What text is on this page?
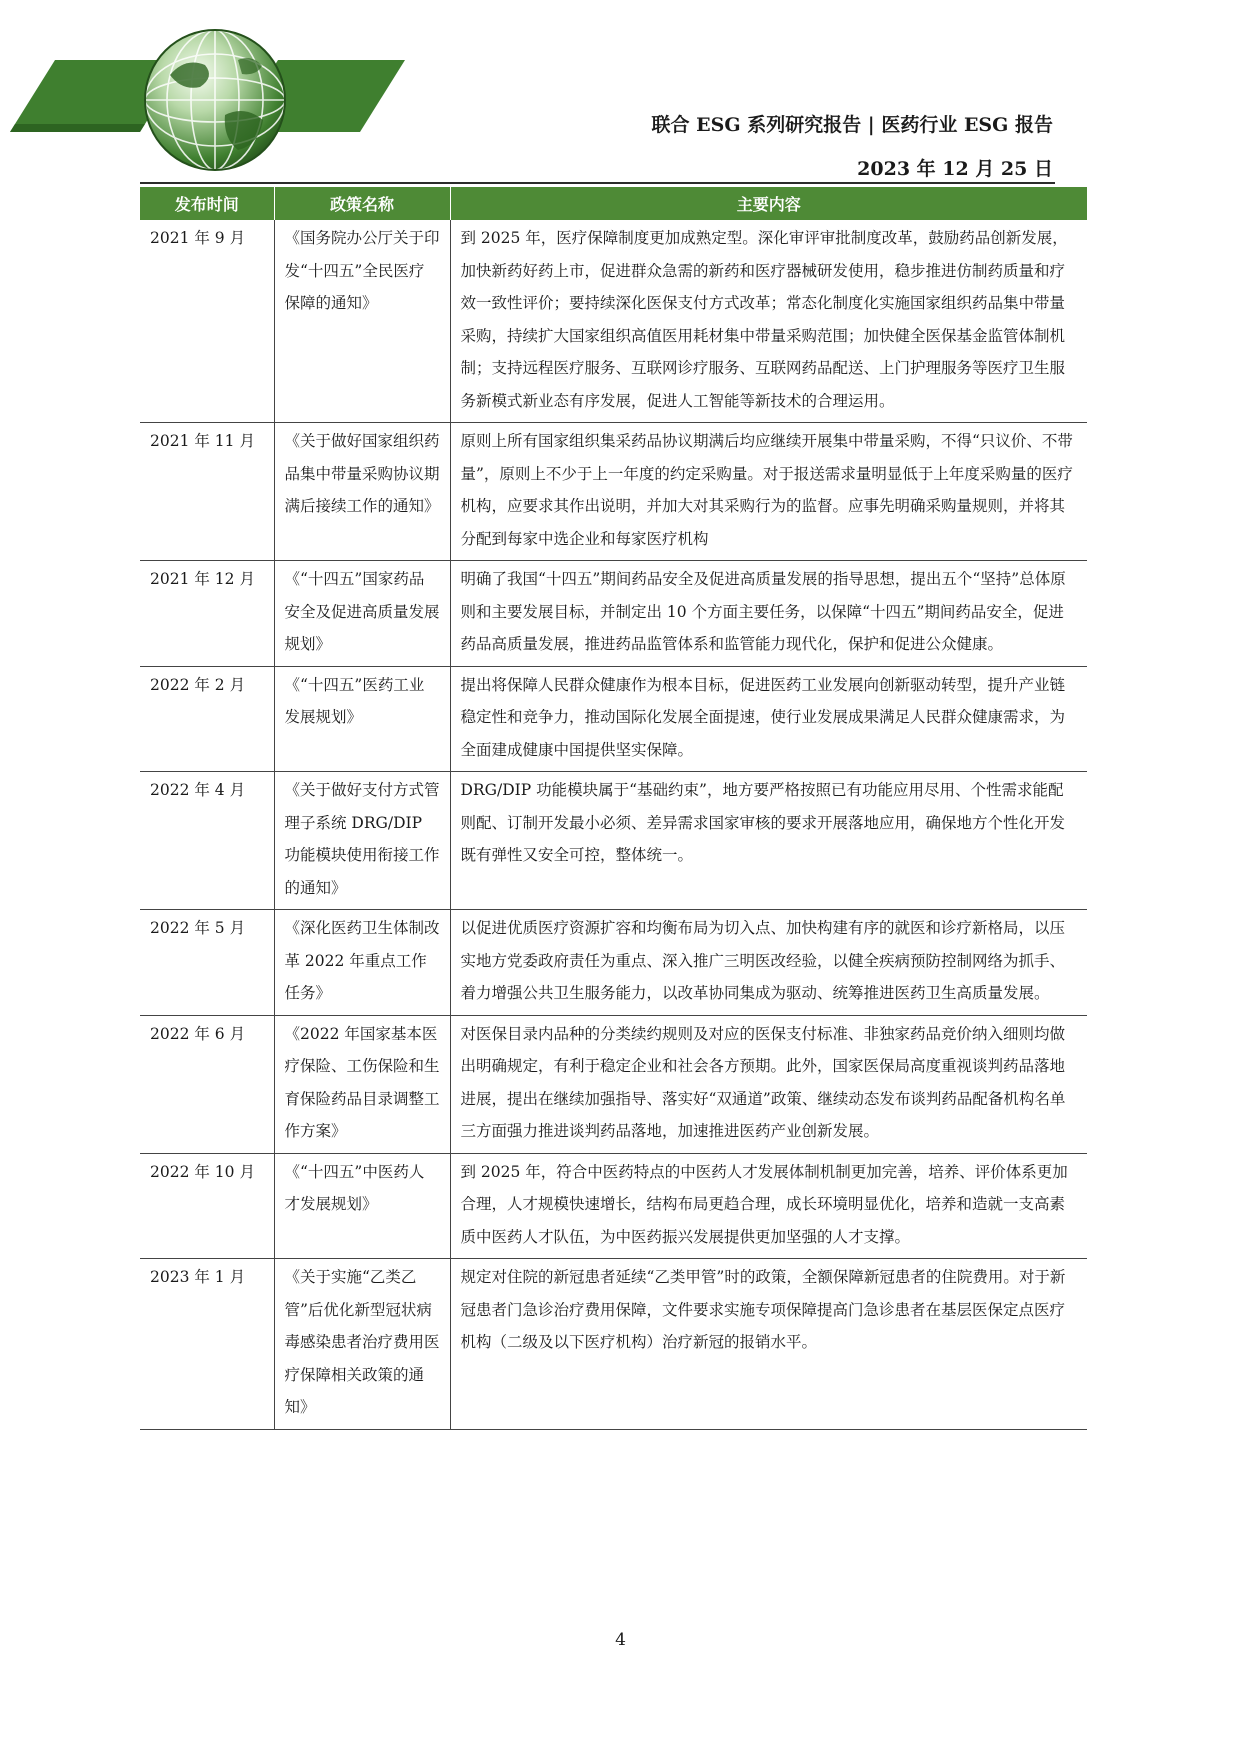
联合 ESG 系列研究报告 | 医药行业 ESG 报告
2023 年 12 月 25 日
发布时间	政策名称	主要内容
2021 年 9 月	《国务院办公厅关于印发“十四五”全民医疗保障的通知》	到 2025 年，医疗保障制度更加成熟定型。深化审评审批制度改革，鼓励药品创新发展，加快新药好药上市，促进群众急需的新药和医疗器械研发使用，稳步推进仿制药质量和疗效一致性评价；要持续深化医保支付方式改革；常态化制度化实施国家组织药品集中带量采购，持续扩大国家组织高值医用耗材集中带量采购范围；加快健全医保基金监管体制机制；支持远程医疗服务、互联网诊疗服务、互联网药品配送、上门护理服务等医疗卫生服务新模式新业态有序发展，促进人工智能等新技术的合理运用。
2021 年 11 月	《关于做好国家组织药品集中带量采购协议期满后接续工作的通知》	原则上所有国家组织集采药品协议期满后均应继续开展集中带量采购，不得“只议价、不带量”，原则上不少于上一年度的约定采购量。对于报送需求量明显低于上年度采购量的医疗机构，应要求其作出说明，并加大对其采购行为的监督。应事先明确采购量规则，并将其分配到每家中选企业和每家医疗机构
2021 年 12 月	《“十四五”国家药品安全及促进高质量发展规划》	明确了我国“十四五”期间药品安全及促进高质量发展的指导思想，提出五个“坚持”总体原则和主要发展目标，并制定出 10 个方面主要任务，以保障“十四五”期间药品安全，促进药品高质量发展，推进药品监管体系和监管能力现代化，保护和促进公众健康。
2022 年 2 月	《“十四五”医药工业发展规划》	提出将保障人民群众健康作为根本目标，促进医药工业发展向创新驱动转型，提升产业链稳定性和竞争力，推动国际化发展全面提速，使行业发展成果满足人民群众健康需求，为全面建成健康中国提供坚实保障。
2022 年 4 月	《关于做好支付方式管理子系统 DRG/DIP 功能模块使用衔接工作的通知》	DRG/DIP 功能模块属于“基础约束”，地方要严格按照已有功能应用尽用、个性需求能配则配、订制开发最小必须、差异需求国家审核的要求开展落地应用，确保地方个性化开发既有弹性又安全可控，整体统一。
2022 年 5 月	《深化医药卫生体制改革 2022 年重点工作任务》	以促进优质医疗资源扩容和均衡布局为切入点、加快构建有序的就医和诊疗新格局，以压实地方党委政府责任为重点、深入推广三明医改经验，以健全疾病预防控制网络为抓手、着力增强公共卫生服务能力，以改革协同集成为驱动、统筹推进医药卫生高质量发展。
2022 年 6 月	《2022 年国家基本医疗保险、工伤保险和生育保险药品目录调整工作方案》	对医保目录内品种的分类续约规则及对应的医保支付标准、非独家药品竞价纳入细则均做出明确规定，有利于稳定企业和社会各方预期。此外，国家医保局高度重视谈判药品落地进展，提出在继续加强指导、落实好“双通道”政策、继续动态发布谈判药品配备机构名单三方面强力推进谈判药品落地，加速推进医药产业创新发展。
2022 年 10 月	《“十四五”中医药人才发展规划》	到 2025 年，符合中医药特点的中医药人才发展体制机制更加完善，培养、评价体系更加合理，人才规模快速增长，结构布局更趋合理，成长环境明显优化，培养和造就一支高素质中医药人才队伍，为中医药振兴发展提供更加坚强的人才支撑。
2023 年 1 月	《关于实施“乙类乙管”后优化新型冠状病毒感染患者治疗费用医疗保障相关政策的通知》	规定对住院的新冠患者延续“乙类甲管”时的政策，全额保障新冠患者的住院费用。对于新冠患者门急诊治疗费用保障，文件要求实施专项保障提高门急诊患者在基层医保定点医疗机构（二级及以下医疗机构）治疗新冠的报销水平。
4
